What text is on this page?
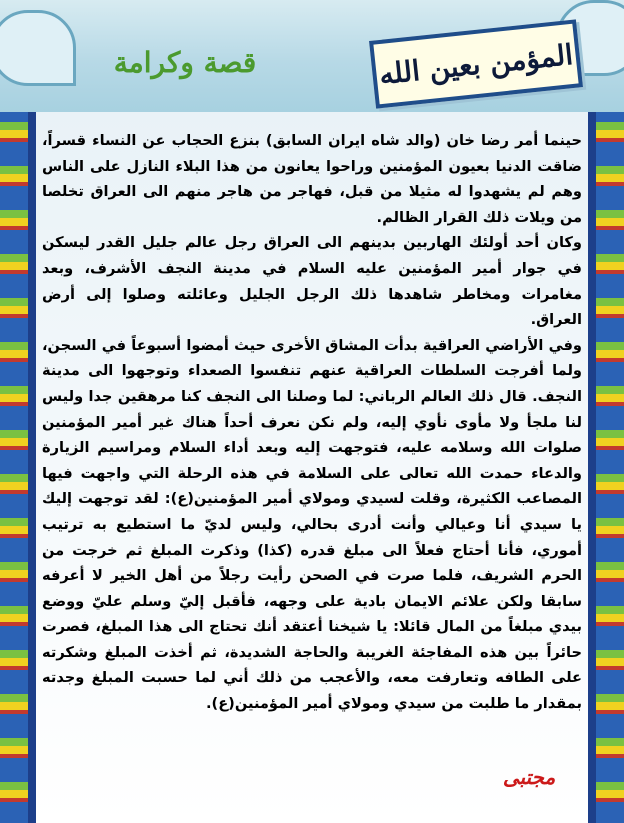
قصة وكرامة	المؤمن بعين الله

حينما أمر رضا خان (والد شاه ايران السابق) بنزع الحجاب عن النساء قسراً، ضاقت الدنيا بعيون المؤمنين وراحوا يعانون من هذا البلاء النازل على الناس وهم لم يشهدوا له مثيلا من قبل، فهاجر من هاجر منهم الى العراق تخلصا من ويلات ذلك القرار الظالم.

وكان أحد أولئك الهاربين بدينهم الى العراق رجل عالم جليل القدر ليسكن في جوار أمير المؤمنين عليه السلام في مدينة النجف الأشرف، وبعد مغامرات ومخاطر شاهدها ذلك الرجل الجليل وعائلته وصلوا إلى أرض العراق.

وفي الأراضي العراقية بدأت المشاق الأخرى حيث أمضوا أسبوعاً في السجن، ولما أفرجت السلطات العراقية عنهم تنفسوا الصعداء وتوجهوا الى مدينة النجف. قال ذلك العالم الرباني: لما وصلنا الى النجف كنا مرهقين جدا وليس لنا ملجأ ولا مأوى نأوي إليه، ولم نكن نعرف أحداً هناك غير أمير المؤمنين صلوات الله وسلامه عليه، فتوجهت إليه وبعد أداء السلام ومراسيم الزيارة والدعاء حمدت الله تعالى على السلامة في هذه الرحلة التي واجهت فيها المصاعب الكثيرة، وقلت لسيدي ومولاي أمير المؤمنين(ع): لقد توجهت إليك يا سيدي أنا وعيالي وأنت أدرى بحالي، وليس لديّ ما استطيع به ترتيب أموري، فأنا أحتاج فعلاً الى مبلغ قدره (كذا) وذكرت المبلغ ثم خرجت من الحرم الشريف، فلما صرت في الصحن رأيت رجلاً من أهل الخير لا أعرفه سابقا ولكن علائم الايمان بادية على وجهه، فأقبل إليّ وسلم عليّ ووضع بيدي مبلغاً من المال قائلا: يا شيخنا أعتقد أنك تحتاج الى هذا المبلغ، فصرت حائراً بين هذه المفاجئة الغريبة والحاجة الشديدة، ثم أخذت المبلغ وشكرته على الطافه وتعارفت معه، والأعجب من ذلك أني لما حسبت المبلغ وجدته بمقدار ما طلبت من سيدي ومولاي أمير المؤمنين(ع).

مجتبى
